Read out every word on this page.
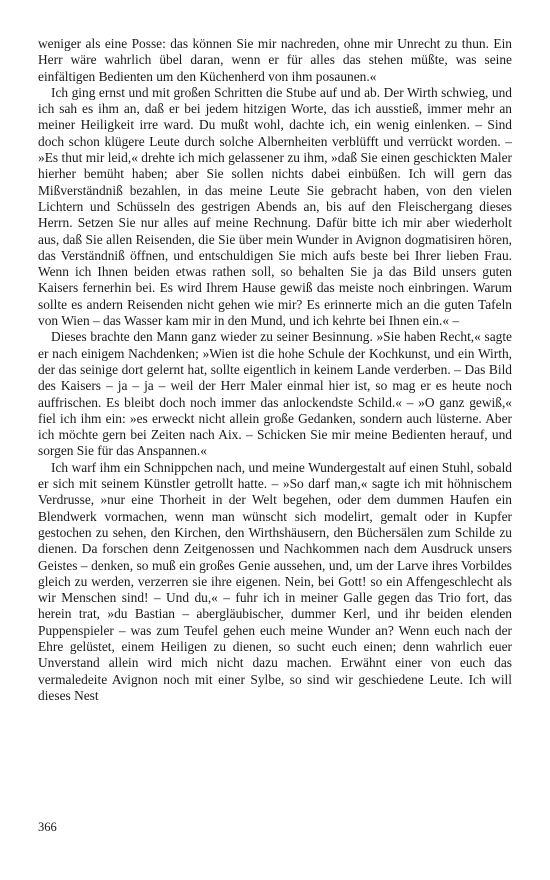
weniger als eine Posse: das können Sie mir nachreden, ohne mir Unrecht zu thun. Ein Herr wäre wahrlich übel daran, wenn er für alles das stehen müßte, was seine einfältigen Bedienten um den Küchenherd von ihm posaunen.«

Ich ging ernst und mit großen Schritten die Stube auf und ab. Der Wirth schwieg, und ich sah es ihm an, daß er bei jedem hitzigen Worte, das ich ausstieß, immer mehr an meiner Heiligkeit irre ward. Du mußt wohl, dachte ich, ein wenig einlenken. – Sind doch schon klügere Leute durch solche Albernheiten verblüfft und verrückt worden. – »Es thut mir leid,« drehte ich mich gelassener zu ihm, »daß Sie einen geschickten Maler hierher bemüht haben; aber Sie sollen nichts dabei einbüßen. Ich will gern das Mißverständniß bezahlen, in das meine Leute Sie gebracht haben, von den vielen Lichtern und Schüsseln des gestrigen Abends an, bis auf den Fleischergang dieses Herrn. Setzen Sie nur alles auf meine Rechnung. Dafür bitte ich mir aber wiederholt aus, daß Sie allen Reisenden, die Sie über mein Wunder in Avignon dogmatisiren hören, das Verständniß öffnen, und entschuldigen Sie mich aufs beste bei Ihrer lieben Frau. Wenn ich Ihnen beiden etwas rathen soll, so behalten Sie ja das Bild unsers guten Kaisers fernerhin bei. Es wird Ihrem Hause gewiß das meiste noch einbringen. Warum sollte es andern Reisenden nicht gehen wie mir? Es erinnerte mich an die guten Tafeln von Wien – das Wasser kam mir in den Mund, und ich kehrte bei Ihnen ein.« –

Dieses brachte den Mann ganz wieder zu seiner Besinnung. »Sie haben Recht,« sagte er nach einigem Nachdenken; »Wien ist die hohe Schule der Kochkunst, und ein Wirth, der das seinige dort gelernt hat, sollte eigentlich in keinem Lande verderben. – Das Bild des Kaisers – ja – ja – weil der Herr Maler einmal hier ist, so mag er es heute noch auffrischen. Es bleibt doch noch immer das anlockendste Schild.« – »O ganz gewiß,« fiel ich ihm ein: »es erweckt nicht allein große Gedanken, sondern auch lüsterne. Aber ich möchte gern bei Zeiten nach Aix. – Schicken Sie mir meine Bedienten herauf, und sorgen Sie für das Anspannen.«

Ich warf ihm ein Schnippchen nach, und meine Wundergestalt auf einen Stuhl, sobald er sich mit seinem Künstler getrollt hatte. – »So darf man,« sagte ich mit höhnischem Verdrusse, »nur eine Thorheit in der Welt begehen, oder dem dummen Haufen ein Blendwerk vormachen, wenn man wünscht sich modelirt, gemalt oder in Kupfer gestochen zu sehen, den Kirchen, den Wirthshäusern, den Büchersälen zum Schilde zu dienen. Da forschen denn Zeitgenossen und Nachkommen nach dem Ausdruck unsers Geistes – denken, so muß ein großes Genie aussehen, und, um der Larve ihres Vorbildes gleich zu werden, verzerren sie ihre eigenen. Nein, bei Gott! so ein Affengeschlecht als wir Menschen sind! – Und du,« – fuhr ich in meiner Galle gegen das Trio fort, das herein trat, »du Bastian – abergläubischer, dummer Kerl, und ihr beiden elenden Puppenspieler – was zum Teufel gehen euch meine Wunder an? Wenn euch nach der Ehre gelüstet, einem Heiligen zu dienen, so sucht euch einen; denn wahrlich euer Unverstand allein wird mich nicht dazu machen. Erwähnt einer von euch das vermaledeite Avignon noch mit einer Sylbe, so sind wir geschiedene Leute. Ich will dieses Nest

366
